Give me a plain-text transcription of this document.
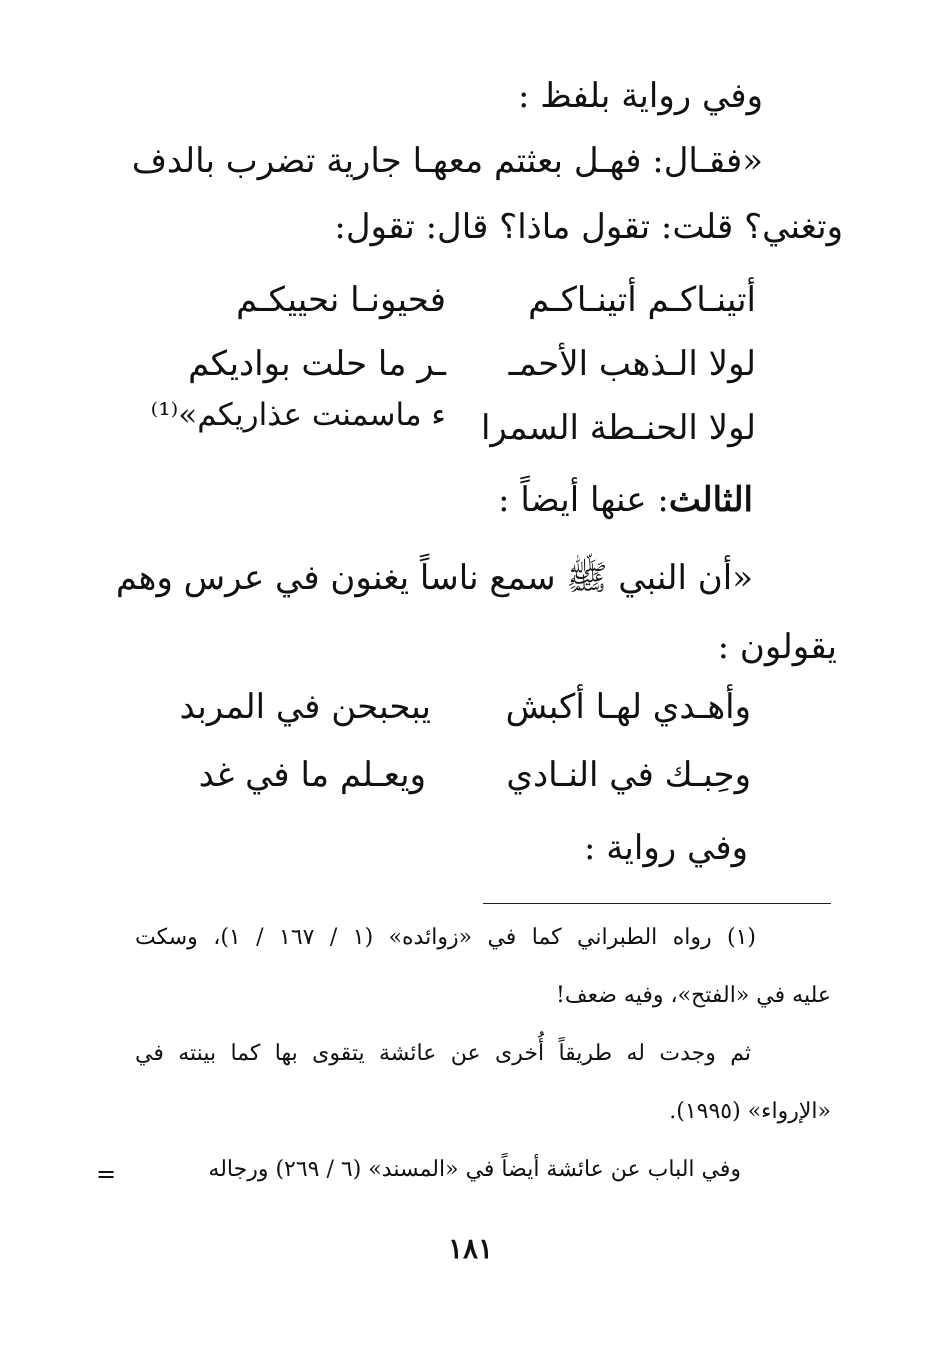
وفي رواية بلفظ :
«فقـال: فهـل بعثتم معهـا جارية تضرب بالدف
وتغني؟ قلت: تقول ماذا؟ قال: تقول:
أتينـاكـم أتينـاكـم
فحيونـا نحييكـم
لولا الـذهب الأحمـ
ـر ما حلت بواديكم
لولا الحنـطة السمرا
ء ماسمنت عذاريكم»⁽¹⁾
الثالث: عنها أيضاً :
«أن النبي ﷺ سمع ناساً يغنون في عرس وهم
يقولون :
وأهـدي لهـا أكبش
يبحبحن في المربد
وحِبـك في النـادي
ويعـلم ما في غد
وفي رواية :
(١) رواه الطبراني كما في «زوائده» (١ / ١٦٧ / ١)، وسكت
عليه في «الفتح»، وفيه ضعف!
ثم وجدت له طريقاً أُخرى عن عائشة يتقوى بها كما بينته في
«الإرواء» (١٩٩٥).
وفي الباب عن عائشة أيضاً في «المسند» (٦ / ٢٦٩) ورجاله
=
١٨١
